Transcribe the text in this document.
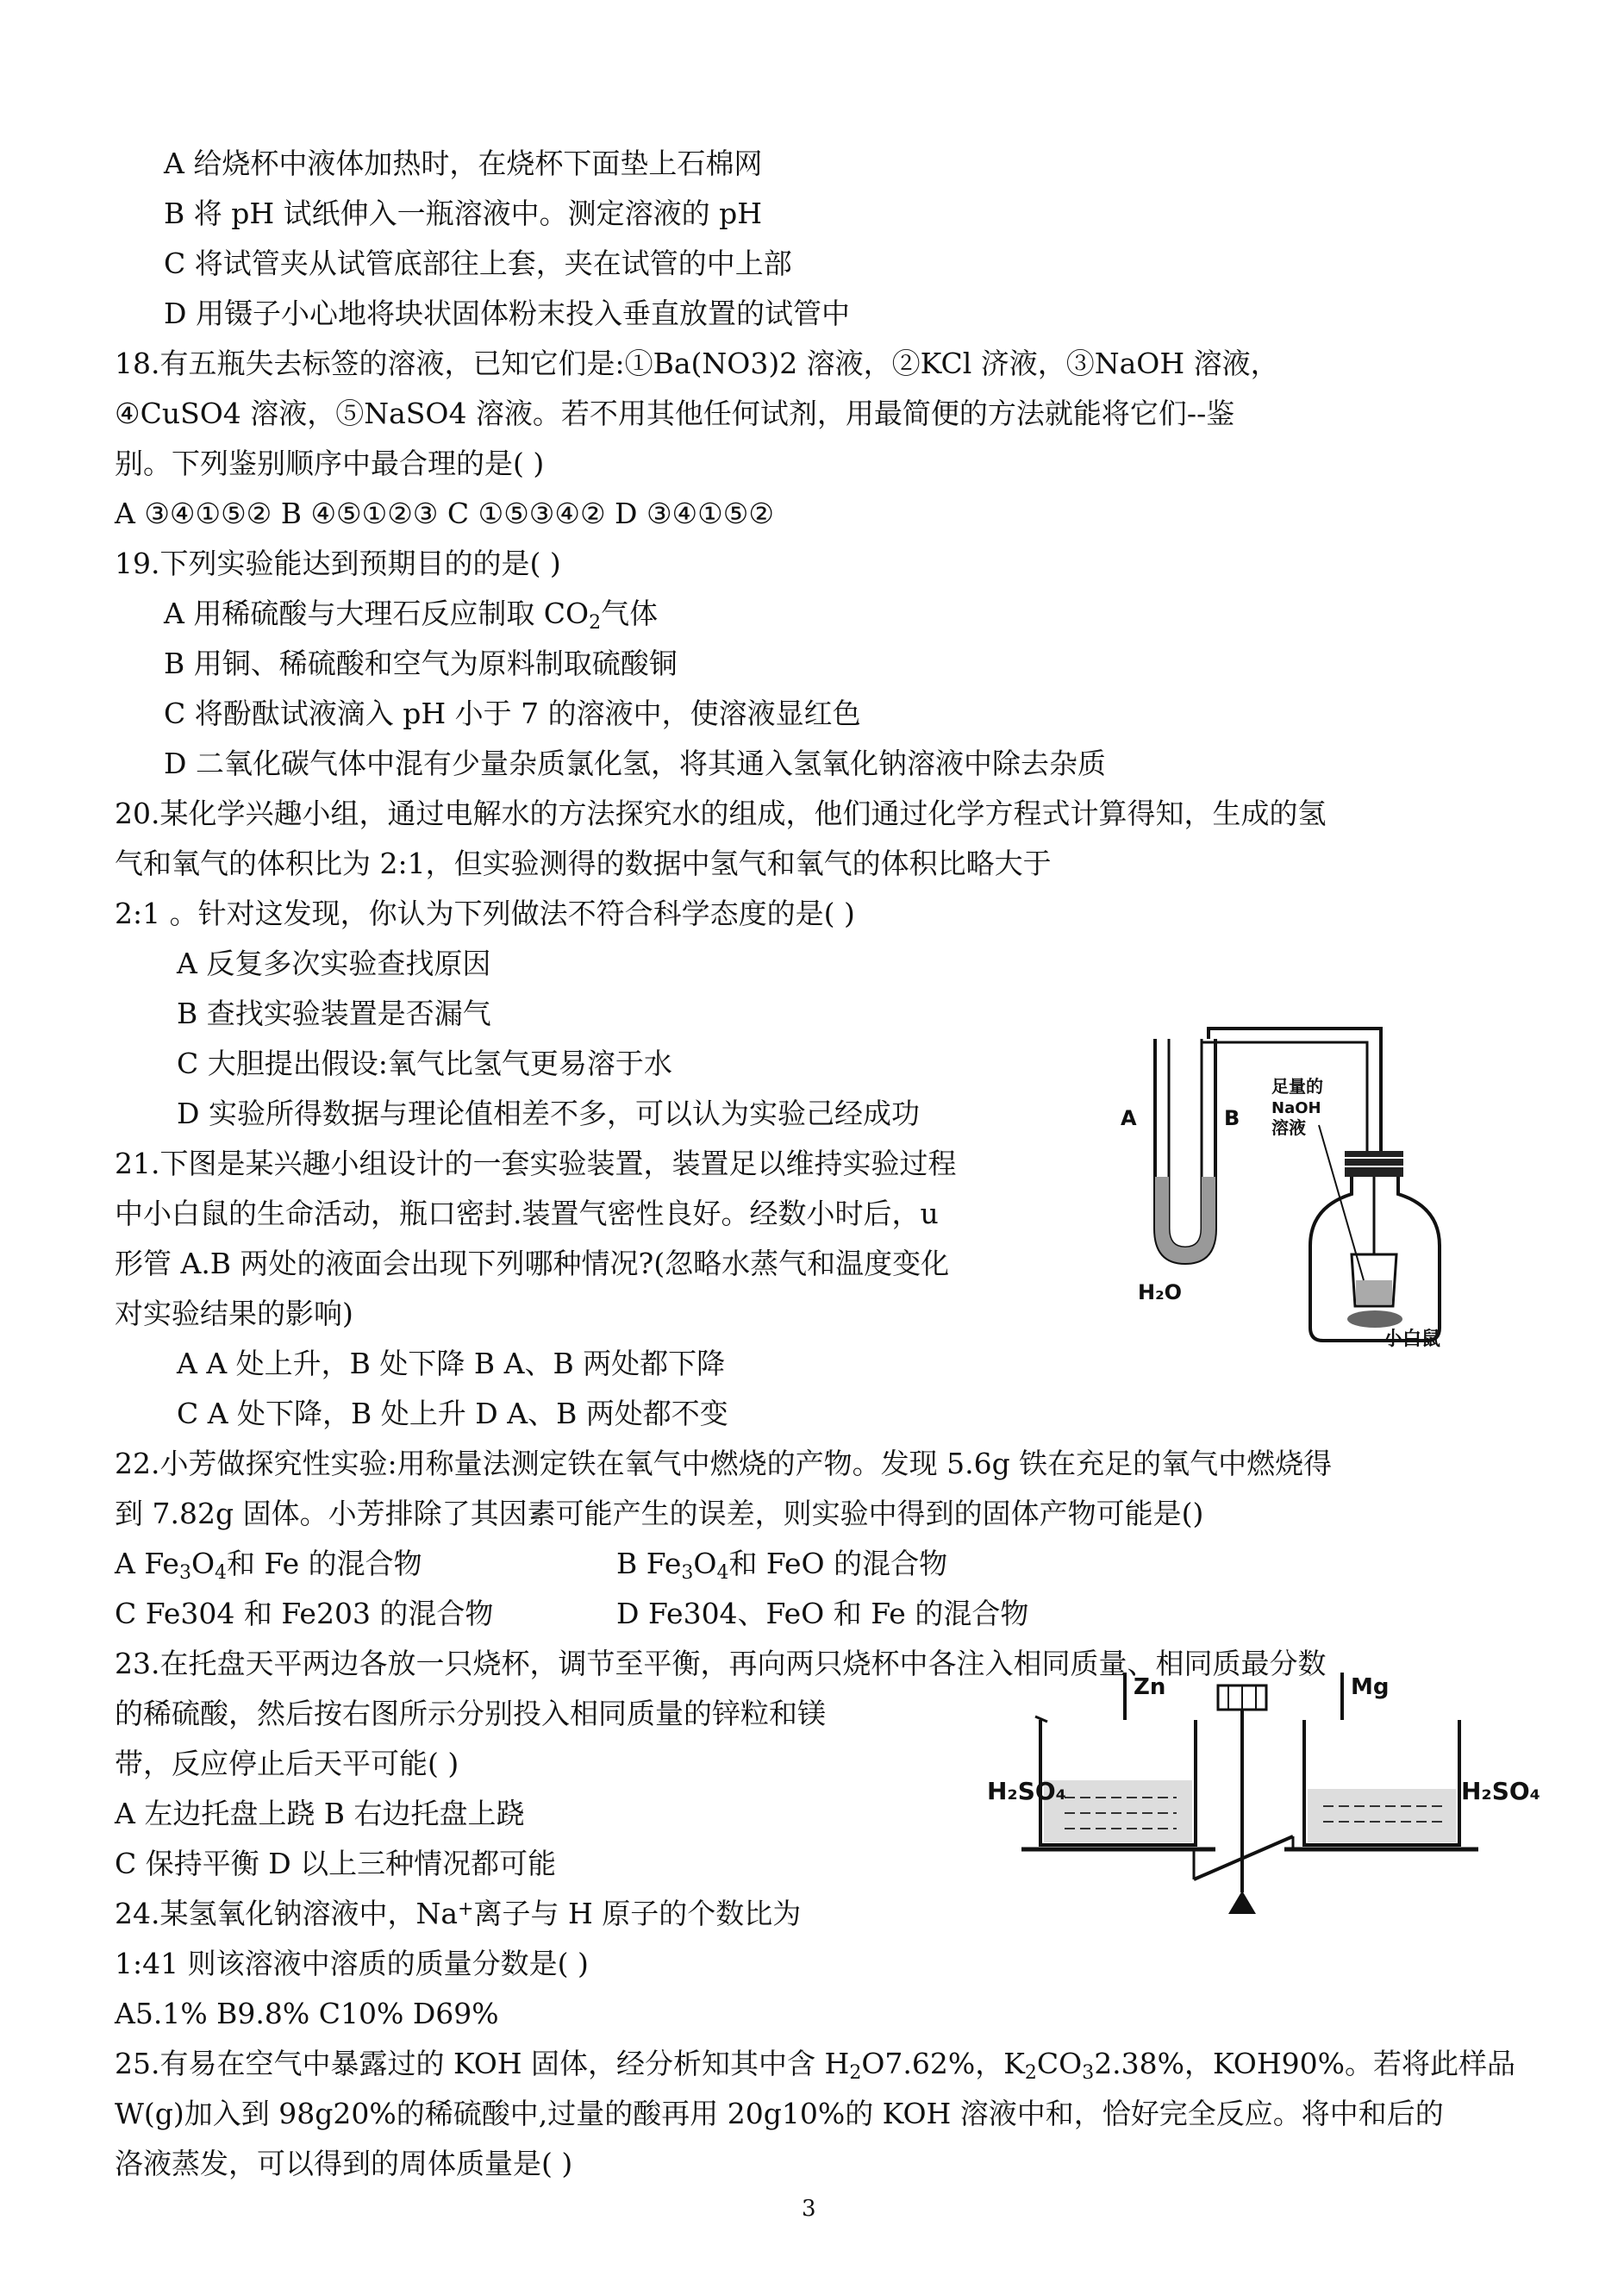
A 给烧杯中液体加热时，在烧杯下面垫上石棉网
B 将 pH 试纸伸入一瓶溶液中。测定溶液的 pH
C 将试管夹从试管底部往上套，夹在试管的中上部
D 用镊子小心地将块状固体粉末投入垂直放置的试管中
18.有五瓶失去标签的溶液，已知它们是:①Ba(NO3)2 溶液，②KCl 济液，③NaOH 溶液，
④CuSO4 溶液，⑤NaSO4 溶液。若不用其他任何试剂，用最简便的方法就能将它们--鉴
别。下列鉴别顺序中最合理的是( )
A ③④①⑤② B ④⑤①②③ C ①⑤③④② D ③④①⑤②
19.下列实验能达到预期目的的是( )
A 用稀硫酸与大理石反应制取 $CO_2$气体
B 用铜、稀硫酸和空气为原料制取硫酸铜
C 将酚酞试液滴入 pH 小于 7 的溶液中，使溶液显红色
D 二氧化碳气体中混有少量杂质氯化氢，将其通入氢氧化钠溶液中除去杂质
20.某化学兴趣小组，通过电解水的方法探究水的组成，他们通过化学方程式计算得知，生成的氢
气和氧气的体积比为 2:1，但实验测得的数据中氢气和氧气的体积比略大于
2:1 。针对这发现，你认为下列做法不符合科学态度的是( )
A 反复多次实验查找原因
B 查找实验装置是否漏气
C 大胆提出假设:氧气比氢气更易溶于水
D 实验所得数据与理论值相差不多，可以认为实验己经成功
21.下图是某兴趣小组设计的一套实验装置，装置足以维持实验过程
中小白鼠的生命活动，瓶口密封.装置气密性良好。经数小时后，u
形管 A.B 两处的液面会出现下列哪种情况?(忽略水蒸气和温度变化
对实验结果的影响)
A A 处上升，B 处下降 B A、B 两处都下降
C A 处下降，B 处上升 D A、B 两处都不变
A	B
H₂O
足量的
NaOH
溶液
小白鼠
22.小芳做探究性实验:用称量法测定铁在氧气中燃烧的产物。发现 5.6g 铁在充足的氧气中燃烧得
到 7.82g 固体。小芳排除了其因素可能产生的误差，则实验中得到的固体产物可能是()
A $Fe_3O_4$和 Fe 的混合物	B $Fe_3O_4$和 FeO 的混合物
C Fe304 和 Fe203 的混合物	D Fe304、FeO 和 Fe 的混合物
23.在托盘天平两边各放一只烧杯，调节至平衡，再向两只烧杯中各注入相同质量、相同质最分数
的稀硫酸，然后按右图所示分别投入相同质量的锌粒和镁
带，反应停止后天平可能( )
A 左边托盘上跷 B 右边托盘上跷
C 保持平衡 D 以上三种情况都可能
Zn	Mg
H₂SO₄	H₂SO₄
24.某氢氧化钠溶液中，Na+离子与 H 原子的个数比为
1:41 则该溶液中溶质的质量分数是( )
A5.1% B9.8% C10% D69%
25.有易在空气中暴露过的 KOH 固体，经分析知其中含 $H_2O7.62\%$，$K_2CO_32.38\%$，KOH90%。若将此样品
W(g)加入到 98g20%的稀硫酸中,过量的酸再用 20g10%的 KOH 溶液中和，恰好完全反应。将中和后的
洛液蒸发，可以得到的周体质量是( )
3
